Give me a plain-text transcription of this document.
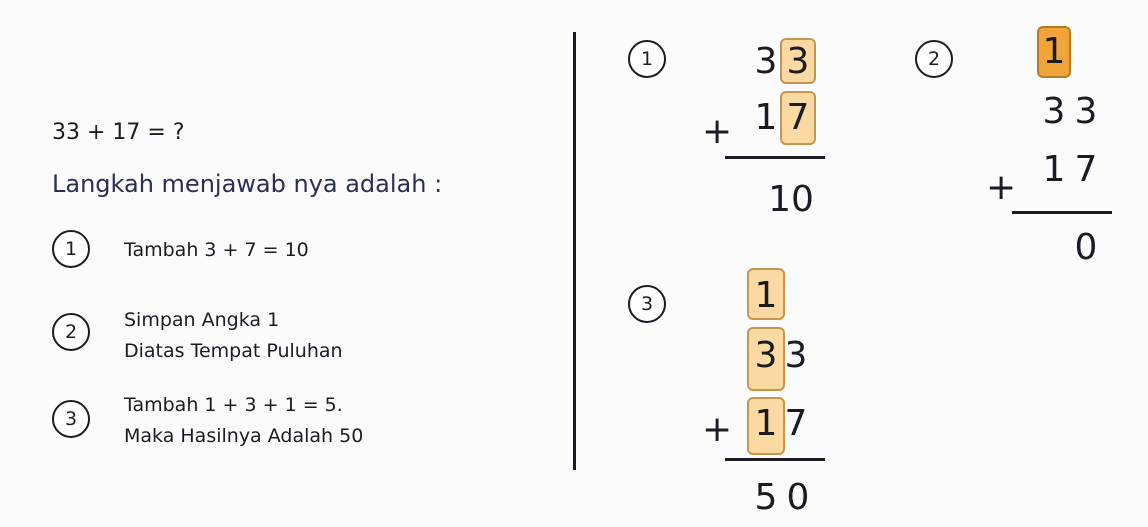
33 + 17 = ?
Langkah menjawab nya adalah :
1 Tambah 3 + 7 = 10
2
Simpan Angka 1
Diatas Tempat Puluhan
3
Tambah 1 + 3 + 1 = 5.
Maka Hasilnya Adalah 50
1	3 3
+ 1 7
10
2	1
3 3
+ 1 7
0
3	1
3 3
+ 1 7
5 0
